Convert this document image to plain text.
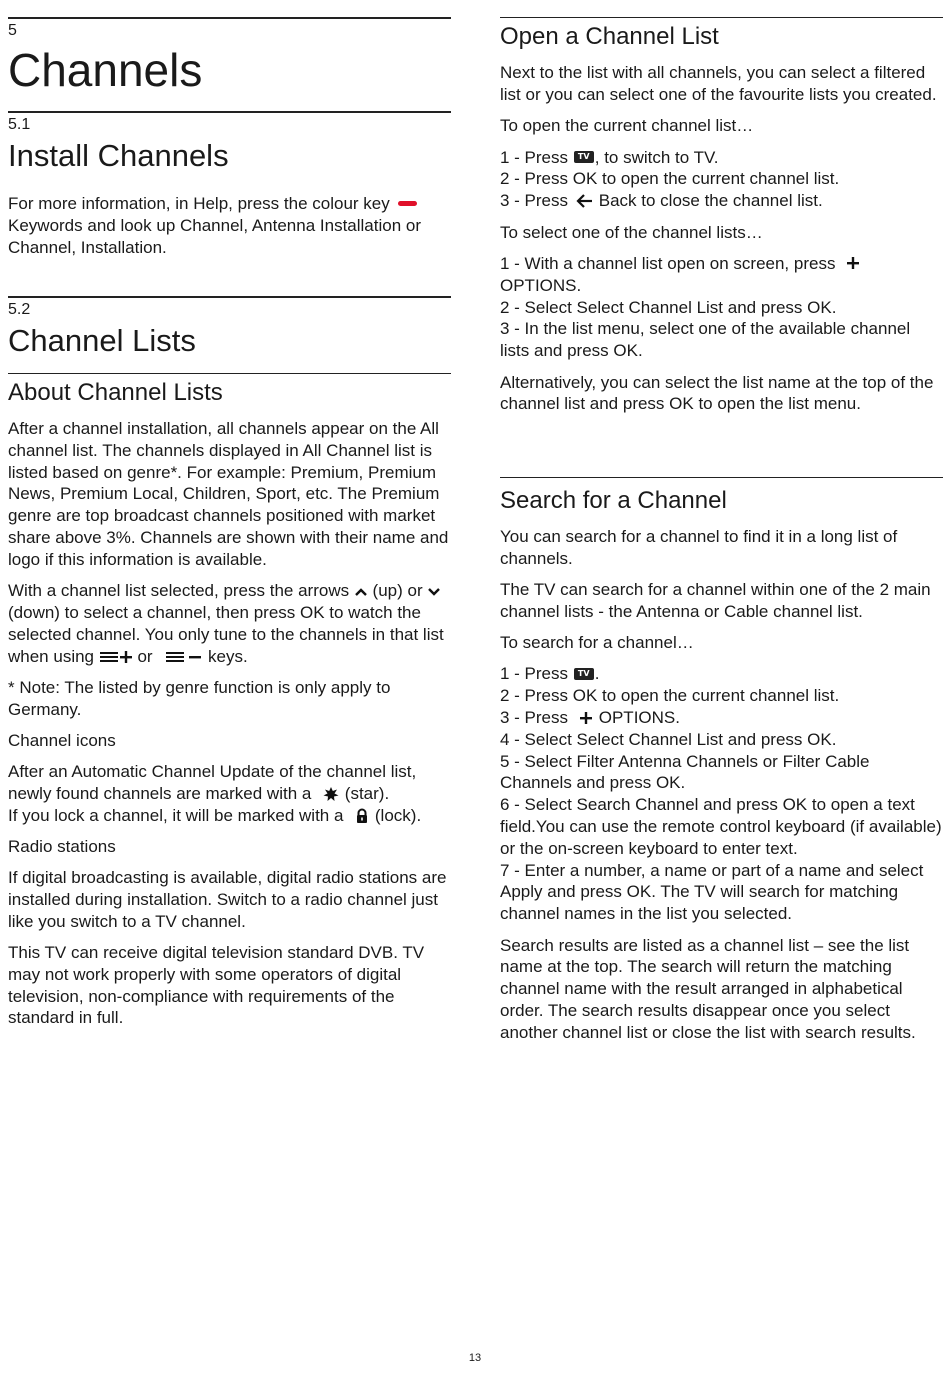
5
Channels
5.1
Install Channels

For more information, in Help, press the colour key Keywords and look up Channel, Antenna Installation or Channel, Installation.

5.2
Channel Lists
About Channel Lists

After a channel installation, all channels appear on the All channel list. The channels displayed in All Channel list is listed based on genre*. For example: Premium, Premium News, Premium Local, Children, Sport, etc. The Premium genre are top broadcast channels positioned with market share above 3%. Channels are shown with their name and logo if this information is available.

With a channel list selected, press the arrows  (up) or  (down) to select a channel, then press OK to watch the selected channel. You only tune to the channels in that list when using  or	keys.

* Note: The listed by genre function is only apply to Germany.

Channel icons

After an Automatic Channel Update of the channel list, newly found channels are marked with a  (star).
If you lock a channel, it will be marked with a  (lock).

Radio stations

If digital broadcasting is available, digital radio stations are installed during installation. Switch to a radio channel just like you switch to a TV channel.

This TV can receive digital television standard DVB. TV may not work properly with some operators of digital television, non-compliance with requirements of the standard in full.

Open a Channel List

Next to the list with all channels, you can select a filtered list or you can select one of the favourite lists you created.

To open the current channel list…

1 - Press TV , to switch to TV.
2 - Press OK to open the current channel list.
3 - Press Back to close the channel list.

To select one of the channel lists…

1 - With a channel list open on screen, press OPTIONS.
2 - Select Select Channel List and press OK.
3 - In the list menu, select one of the available channel lists and press OK.

Alternatively, you can select the list name at the top of the channel list and press OK to open the list menu.

Search for a Channel

You can search for a channel to find it in a long list of channels.

The TV can search for a channel within one of the 2 main channel lists - the Antenna or Cable channel list.

To search for a channel…

1 - Press TV .
2 - Press OK to open the current channel list.
3 - Press OPTIONS.
4 - Select Select Channel List and press OK.
5 - Select Filter Antenna Channels or Filter Cable Channels and press OK.
6 - Select Search Channel and press OK to open a text field.You can use the remote control keyboard (if available) or the on-screen keyboard to enter text.
7 - Enter a number, a name or part of a name and select Apply and press OK. The TV will search for matching channel names in the list you selected.

Search results are listed as a channel list – see the list name at the top. The search will return the matching channel name with the result arranged in alphabetical order. The search results disappear once you select another channel list or close the list with search results.

13
